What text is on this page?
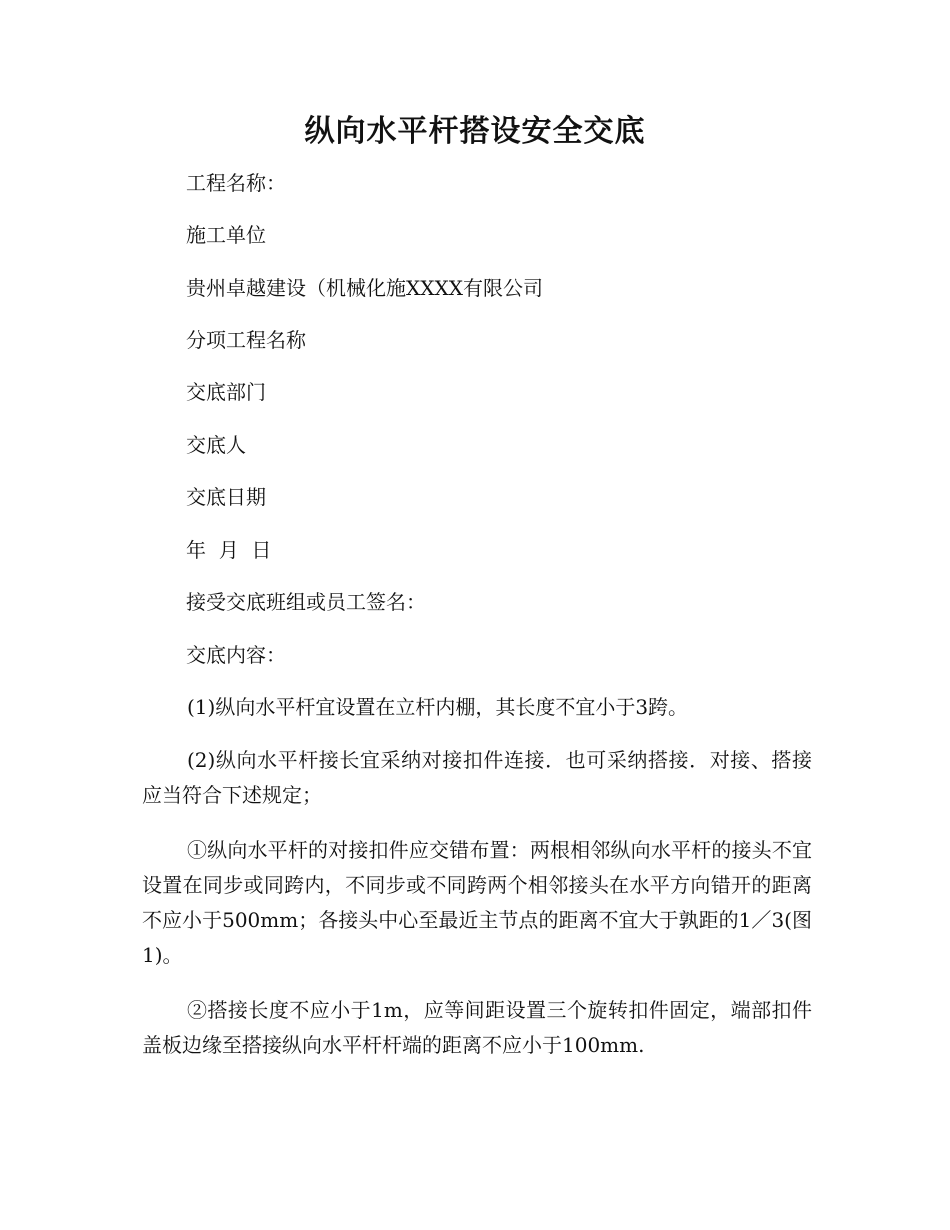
纵向水平杆搭设安全交底
工程名称：
施工单位
贵州卓越建设（机械化施XXXX有限公司
分项工程名称
交底部门
交底人
交底日期
年  月  日
接受交底班组或员工签名：
交底内容：

(1)纵向水平杆宜设置在立杆内棚，其长度不宜小于3跨。

(2)纵向水平杆接长宜采纳对接扣件连接．也可采纳搭接．对接、搭接应当符合下述规定；

①纵向水平杆的对接扣件应交错布置：两根相邻纵向水平杆的接头不宜设置在同步或同跨内，不同步或不同跨两个相邻接头在水平方向错开的距离不应小于500mm；各接头中心至最近主节点的距离不宜大于孰距的1／3(图1)。

②搭接长度不应小于1m，应等间距设置三个旋转扣件固定，端部扣件盖板边缘至搭接纵向水平杆杆端的距离不应小于100mm.
